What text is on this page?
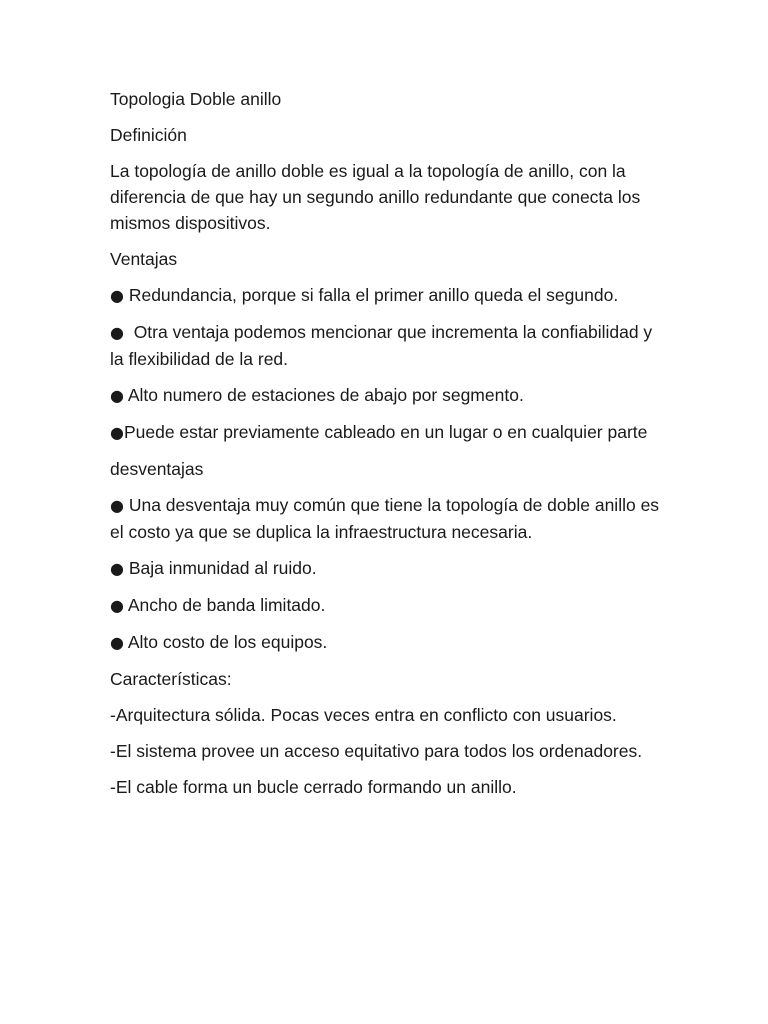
Topologia Doble anillo

Definición

La topología de anillo doble es igual a la topología de anillo, con la diferencia de que hay un segundo anillo redundante que conecta los mismos dispositivos.

Ventajas

● Redundancia, porque si falla el primer anillo queda el segundo.

●  Otra ventaja podemos mencionar que incrementa la confiabilidad y la flexibilidad de la red.

● Alto numero de estaciones de abajo por segmento.

●Puede estar previamente cableado en un lugar o en cualquier parte

desventajas

● Una desventaja muy común que tiene la topología de doble anillo es el costo ya que se duplica la infraestructura necesaria.

● Baja inmunidad al ruido.

● Ancho de banda limitado.

● Alto costo de los equipos.

Características:

-Arquitectura sólida. Pocas veces entra en conflicto con usuarios.

-El sistema provee un acceso equitativo para todos los ordenadores.

-El cable forma un bucle cerrado formando un anillo.
